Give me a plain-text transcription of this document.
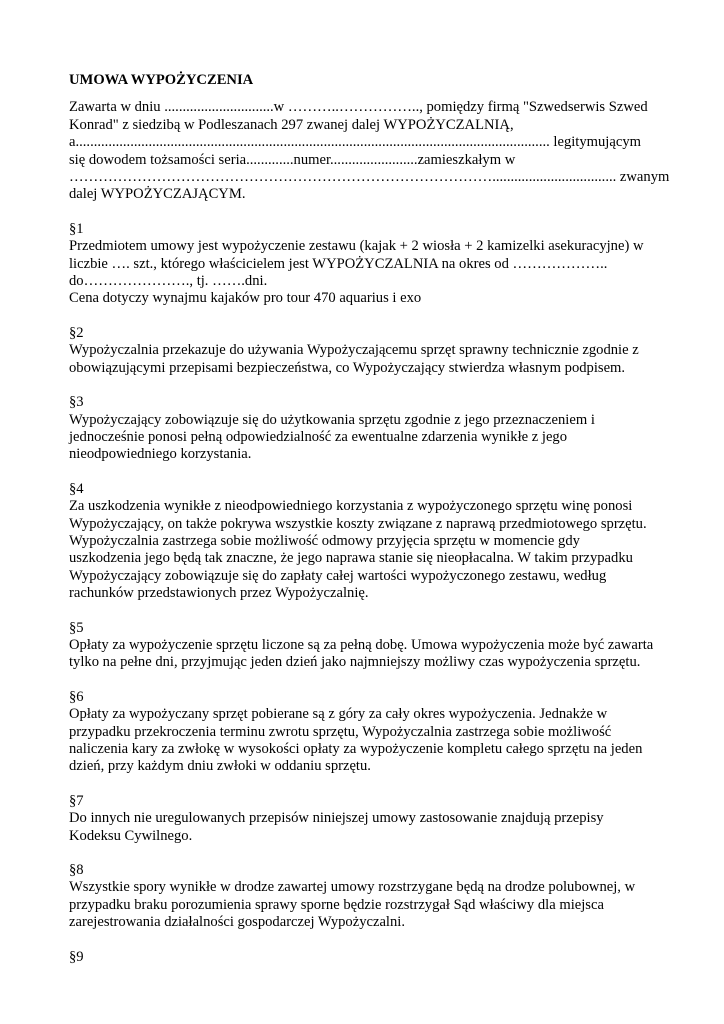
UMOWA WYPOŻYCZENIA

Zawarta w dniu ..............................w ………..…………….., pomiędzy firmą "Szwedserwis Szwed

Konrad" z siedzibą w Podleszanach 297 zwanej dalej WYPOŻYCZALNIĄ,

a.................................................................................................................................. legitymującym

się dowodem tożsamości seria.............numer........................zamieszkałym w

…………………………………………………………………………….................................. zwanym

dalej WYPOŻYCZAJĄCYM.

§1

Przedmiotem umowy jest wypożyczenie zestawu (kajak + 2 wiosła + 2 kamizelki asekuracyjne) w

liczbie …. szt., którego właścicielem jest WYPOŻYCZALNIA na okres od ………………..

do…………………., tj. …….dni.

Cena dotyczy wynajmu kajaków pro tour 470 aquarius i exo

§2

Wypożyczalnia przekazuje do używania Wypożyczającemu sprzęt sprawny technicznie zgodnie z

obowiązującymi przepisami bezpieczeństwa, co Wypożyczający stwierdza własnym podpisem.

§3

Wypożyczający zobowiązuje się do użytkowania sprzętu zgodnie z jego przeznaczeniem i

jednocześnie ponosi pełną odpowiedzialność za ewentualne zdarzenia wynikłe z jego

nieodpowiedniego korzystania.

§4

Za uszkodzenia wynikłe z nieodpowiedniego korzystania z wypożyczonego sprzętu winę ponosi

Wypożyczający, on także pokrywa wszystkie koszty związane z naprawą przedmiotowego sprzętu.

Wypożyczalnia zastrzega sobie możliwość odmowy przyjęcia sprzętu w momencie gdy

uszkodzenia jego będą tak znaczne, że jego naprawa stanie się nieopłacalna. W takim przypadku

Wypożyczający zobowiązuje się do zapłaty całej wartości wypożyczonego zestawu, według

rachunków przedstawionych przez Wypożyczalnię.

§5

Opłaty za wypożyczenie sprzętu liczone są za pełną dobę. Umowa wypożyczenia może być zawarta

tylko na pełne dni, przyjmując jeden dzień jako najmniejszy możliwy czas wypożyczenia sprzętu.

§6

Opłaty za wypożyczany sprzęt pobierane są z góry za cały okres wypożyczenia. Jednakże w

przypadku przekroczenia terminu zwrotu sprzętu, Wypożyczalnia zastrzega sobie możliwość

naliczenia kary za zwłokę w wysokości opłaty za wypożyczenie kompletu całego sprzętu na jeden

dzień, przy każdym dniu zwłoki w oddaniu sprzętu.

§7

Do innych nie uregulowanych przepisów niniejszej umowy zastosowanie znajdują przepisy

Kodeksu Cywilnego.

§8

Wszystkie spory wynikłe w drodze zawartej umowy rozstrzygane będą na drodze polubownej, w

przypadku braku porozumienia sprawy sporne będzie rozstrzygał Sąd właściwy dla miejsca

zarejestrowania działalności gospodarczej Wypożyczalni.

§9
